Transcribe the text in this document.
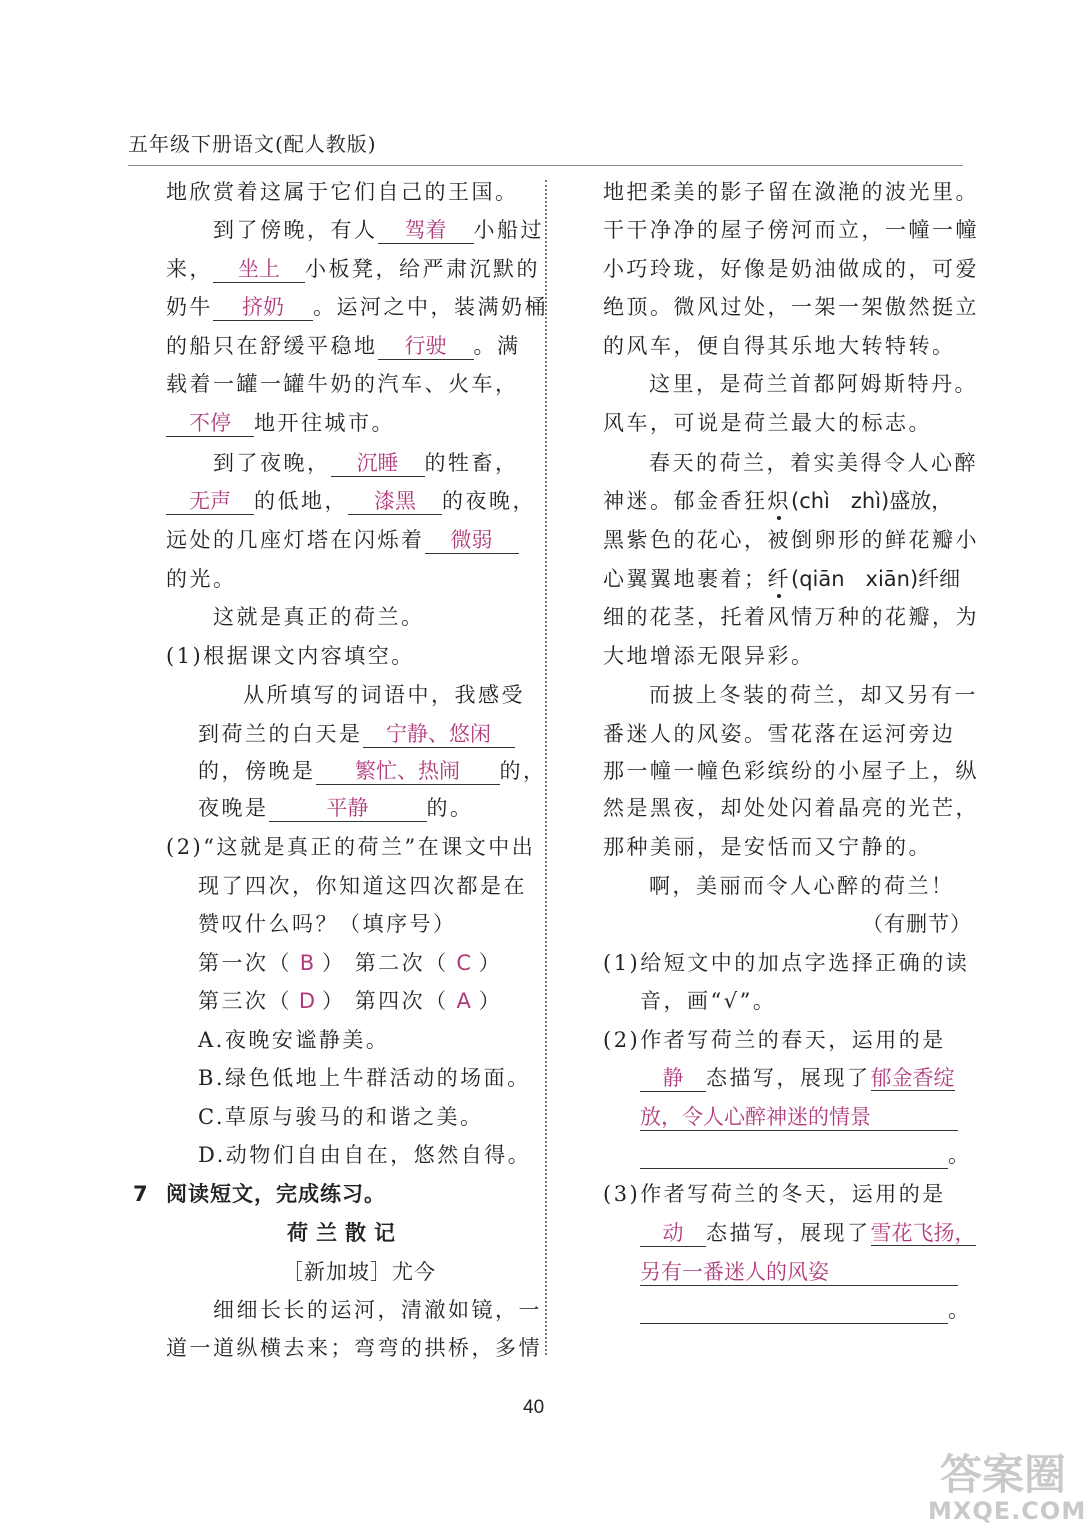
五年级下册语文(配人教版)
地欣赏着这属于它们自己的王国。
到了傍晚，有人 驾着 小船过
来， 坐上 小板凳，给严肃沉默的
奶牛 挤奶 。运河之中，装满奶桶
的船只在舒缓平稳地 行驶 。满
载着一罐一罐牛奶的汽车、火车，
不停 地开往城市。
到了夜晚， 沉睡 的牲畜，
无声 的低地， 漆黑 的夜晚，
远处的几座灯塔在闪烁着 微弱
的光。
这就是真正的荷兰。
(1)根据课文内容填空。
从所填写的词语中，我感受
到荷兰的白天是 宁静、悠闲
的，傍晚是 繁忙、热闹 的，
夜晚是	平静	的。
(2)“这就是真正的荷兰”在课文中出
现了四次，你知道这四次都是在
赞叹什么吗？（填序号）
第一次（ B ） 第二次（ C ）
第三次（ D ） 第四次（ A ）
A.夜晚安谧静美。
B.绿色低地上牛群活动的场面。
C.草原与骏马的和谐之美。
D.动物们自由自在，悠然自得。
7 阅读短文，完成练习。
荷兰散记
［新加坡］尤今
细细长长的运河，清澈如镜，一
道一道纵横去来；弯弯的拱桥，多情
地把柔美的影子留在潋滟的波光里。
干干净净的屋子傍河而立，一幢一幢
小巧玲珑，好像是奶油做成的，可爱
绝顶。微风过处，一架一架傲然挺立
的风车，便自得其乐地大转特转。
这里，是荷兰首都阿姆斯特丹。
风车，可说是荷兰最大的标志。
春天的荷兰，着实美得令人心醉
神迷。郁金香狂炽(chì　zhì)盛放，
黑紫色的花心，被倒卵形的鲜花瓣小
心翼翼地裹着；纤(qiān　xiān)纤细
细的花茎，托着风情万种的花瓣，为
大地增添无限异彩。
而披上冬装的荷兰，却又另有一
番迷人的风姿。雪花落在运河旁边
那一幢一幢色彩缤纷的小屋子上，纵
然是黑夜，却处处闪着晶亮的光芒，
那种美丽，是安恬而又宁静的。
啊，美丽而令人心醉的荷兰！
（有删节）
(1)给短文中的加点字选择正确的读
音，画“√”。
(2)作者写荷兰的春天，运用的是
静 态描写，展现了郁金香绽
放，令人心醉神迷的情景
。
(3)作者写荷兰的冬天，运用的是
动 态描写，展现了雪花飞扬，
另有一番迷人的风姿
。
40
答案圈
MXQE.COM
